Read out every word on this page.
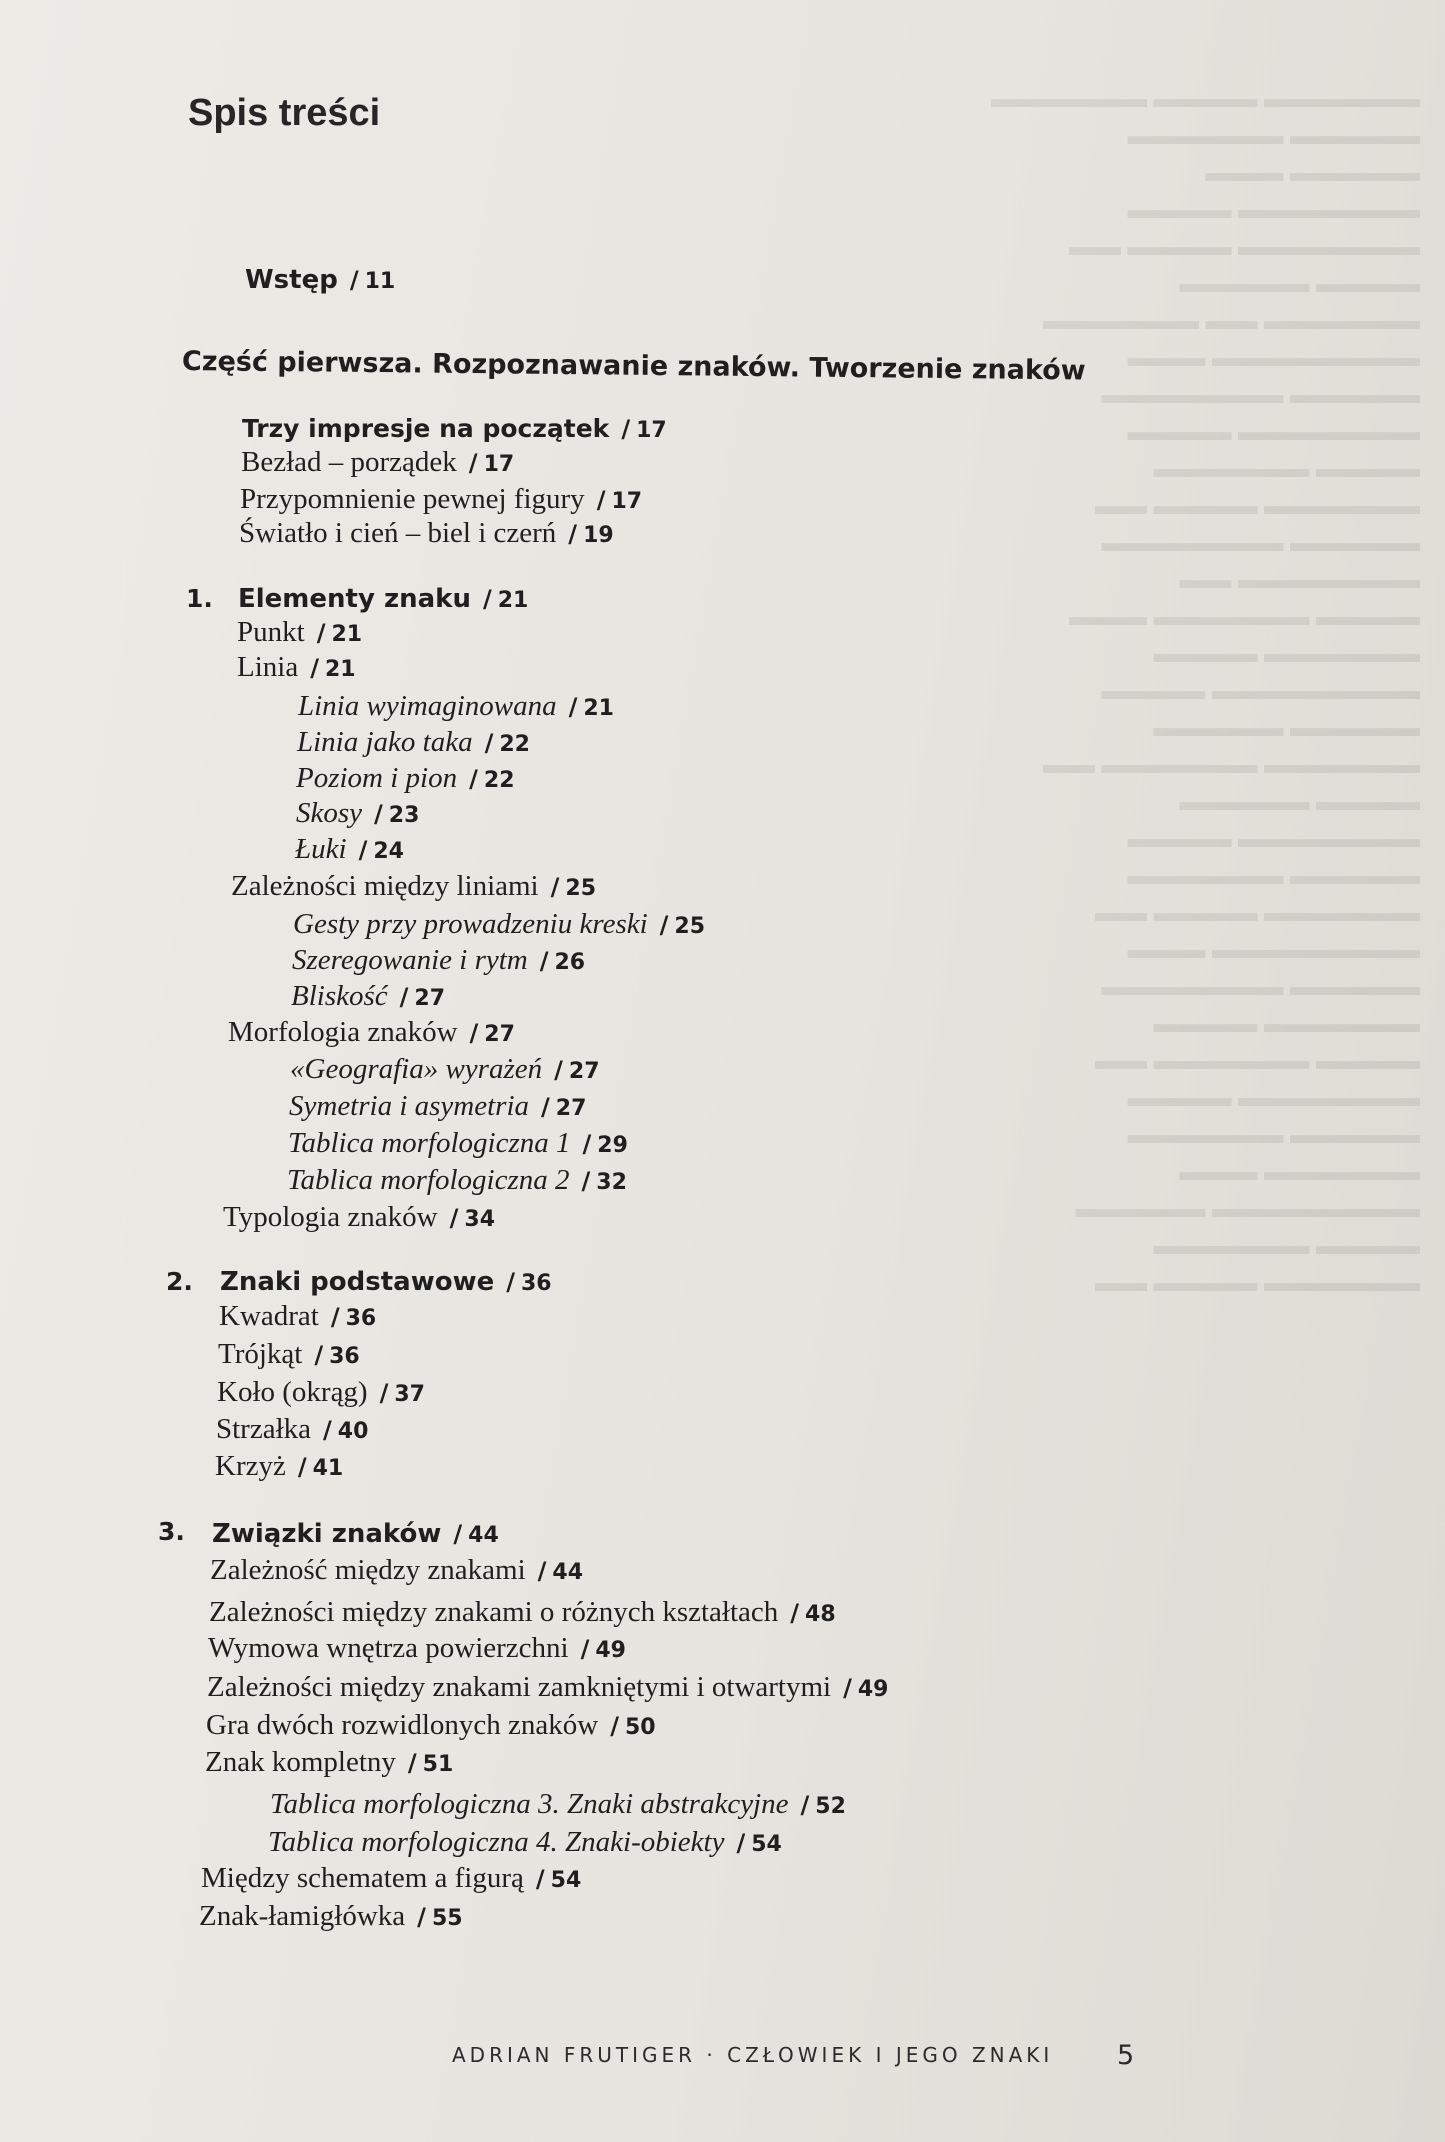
▬▬▬▬▬▬ ▬▬▬▬ ▬▬▬▬▬▬
▬▬▬▬▬ ▬▬▬▬▬▬
▬▬▬▬▬ ▬▬▬
▬▬▬▬▬▬▬ ▬▬▬▬
▬▬▬▬▬▬▬ ▬▬▬▬ ▬▬
▬▬▬▬ ▬▬▬▬▬
▬▬▬▬▬▬ ▬▬ ▬▬▬▬▬▬
▬▬▬▬▬▬▬▬ ▬▬▬
▬▬▬▬▬ ▬▬▬▬▬▬▬
▬▬▬▬▬▬▬ ▬▬▬▬
▬▬▬▬ ▬▬▬▬▬▬
▬▬▬▬▬▬ ▬▬▬▬ ▬▬
▬▬▬▬▬ ▬▬▬▬▬▬▬
▬▬▬▬▬▬▬ ▬▬
▬▬▬▬ ▬▬▬▬▬▬ ▬▬▬
▬▬▬▬▬▬ ▬▬▬▬
▬▬▬▬▬▬▬▬ ▬▬▬▬
▬▬▬▬▬ ▬▬▬▬▬
▬▬▬▬▬▬ ▬▬▬▬▬▬ ▬▬
▬▬▬▬ ▬▬▬▬▬
▬▬▬▬▬▬▬ ▬▬▬▬
▬▬▬▬▬ ▬▬▬▬▬▬
▬▬▬▬▬▬ ▬▬▬▬ ▬▬
▬▬▬▬▬▬▬▬ ▬▬▬
▬▬▬▬▬ ▬▬▬▬▬▬▬
▬▬▬▬▬▬ ▬▬▬▬
▬▬▬▬ ▬▬▬▬▬▬ ▬▬
▬▬▬▬▬▬▬ ▬▬▬▬
▬▬▬▬▬ ▬▬▬▬▬▬
▬▬▬▬▬▬ ▬▬▬
▬▬▬▬▬▬▬▬ ▬▬▬▬▬
▬▬▬▬ ▬▬▬▬▬▬
▬▬▬▬▬▬ ▬▬▬▬ ▬▬
Spis treści
Wstęp / 11
Część pierwsza. Rozpoznawanie znaków. Tworzenie znaków
Trzy impresje na początek / 17
Bezład – porządek / 17
Przypomnienie pewnej figury / 17
Światło i cień – biel i czerń / 19
1. Elementy znaku / 21
Punkt / 21
Linia / 21
Linia wyimaginowana / 21
Linia jako taka / 22
Poziom i pion / 22
Skosy / 23
Łuki / 24
Zależności między liniami / 25
Gesty przy prowadzeniu kreski / 25
Szeregowanie i rytm / 26
Bliskość / 27
Morfologia znaków / 27
«Geografia» wyrażeń / 27
Symetria i asymetria / 27
Tablica morfologiczna 1 / 29
Tablica morfologiczna 2 / 32
Typologia znaków / 34
2. Znaki podstawowe / 36
Kwadrat / 36
Trójkąt / 36
Koło (okrąg) / 37
Strzałka / 40
Krzyż / 41
3. Związki znaków / 44
Zależność między znakami / 44
Zależności między znakami o różnych kształtach / 48
Wymowa wnętrza powierzchni / 49
Zależności między znakami zamkniętymi i otwartymi / 49
Gra dwóch rozwidlonych znaków / 50
Znak kompletny / 51
Tablica morfologiczna 3. Znaki abstrakcyjne / 52
Tablica morfologiczna 4. Znaki-obiekty / 54
Między schematem a figurą / 54
Znak-łamigłówka / 55
ADRIAN FRUTIGER · CZŁOWIEK I JEGO ZNAKI 5
